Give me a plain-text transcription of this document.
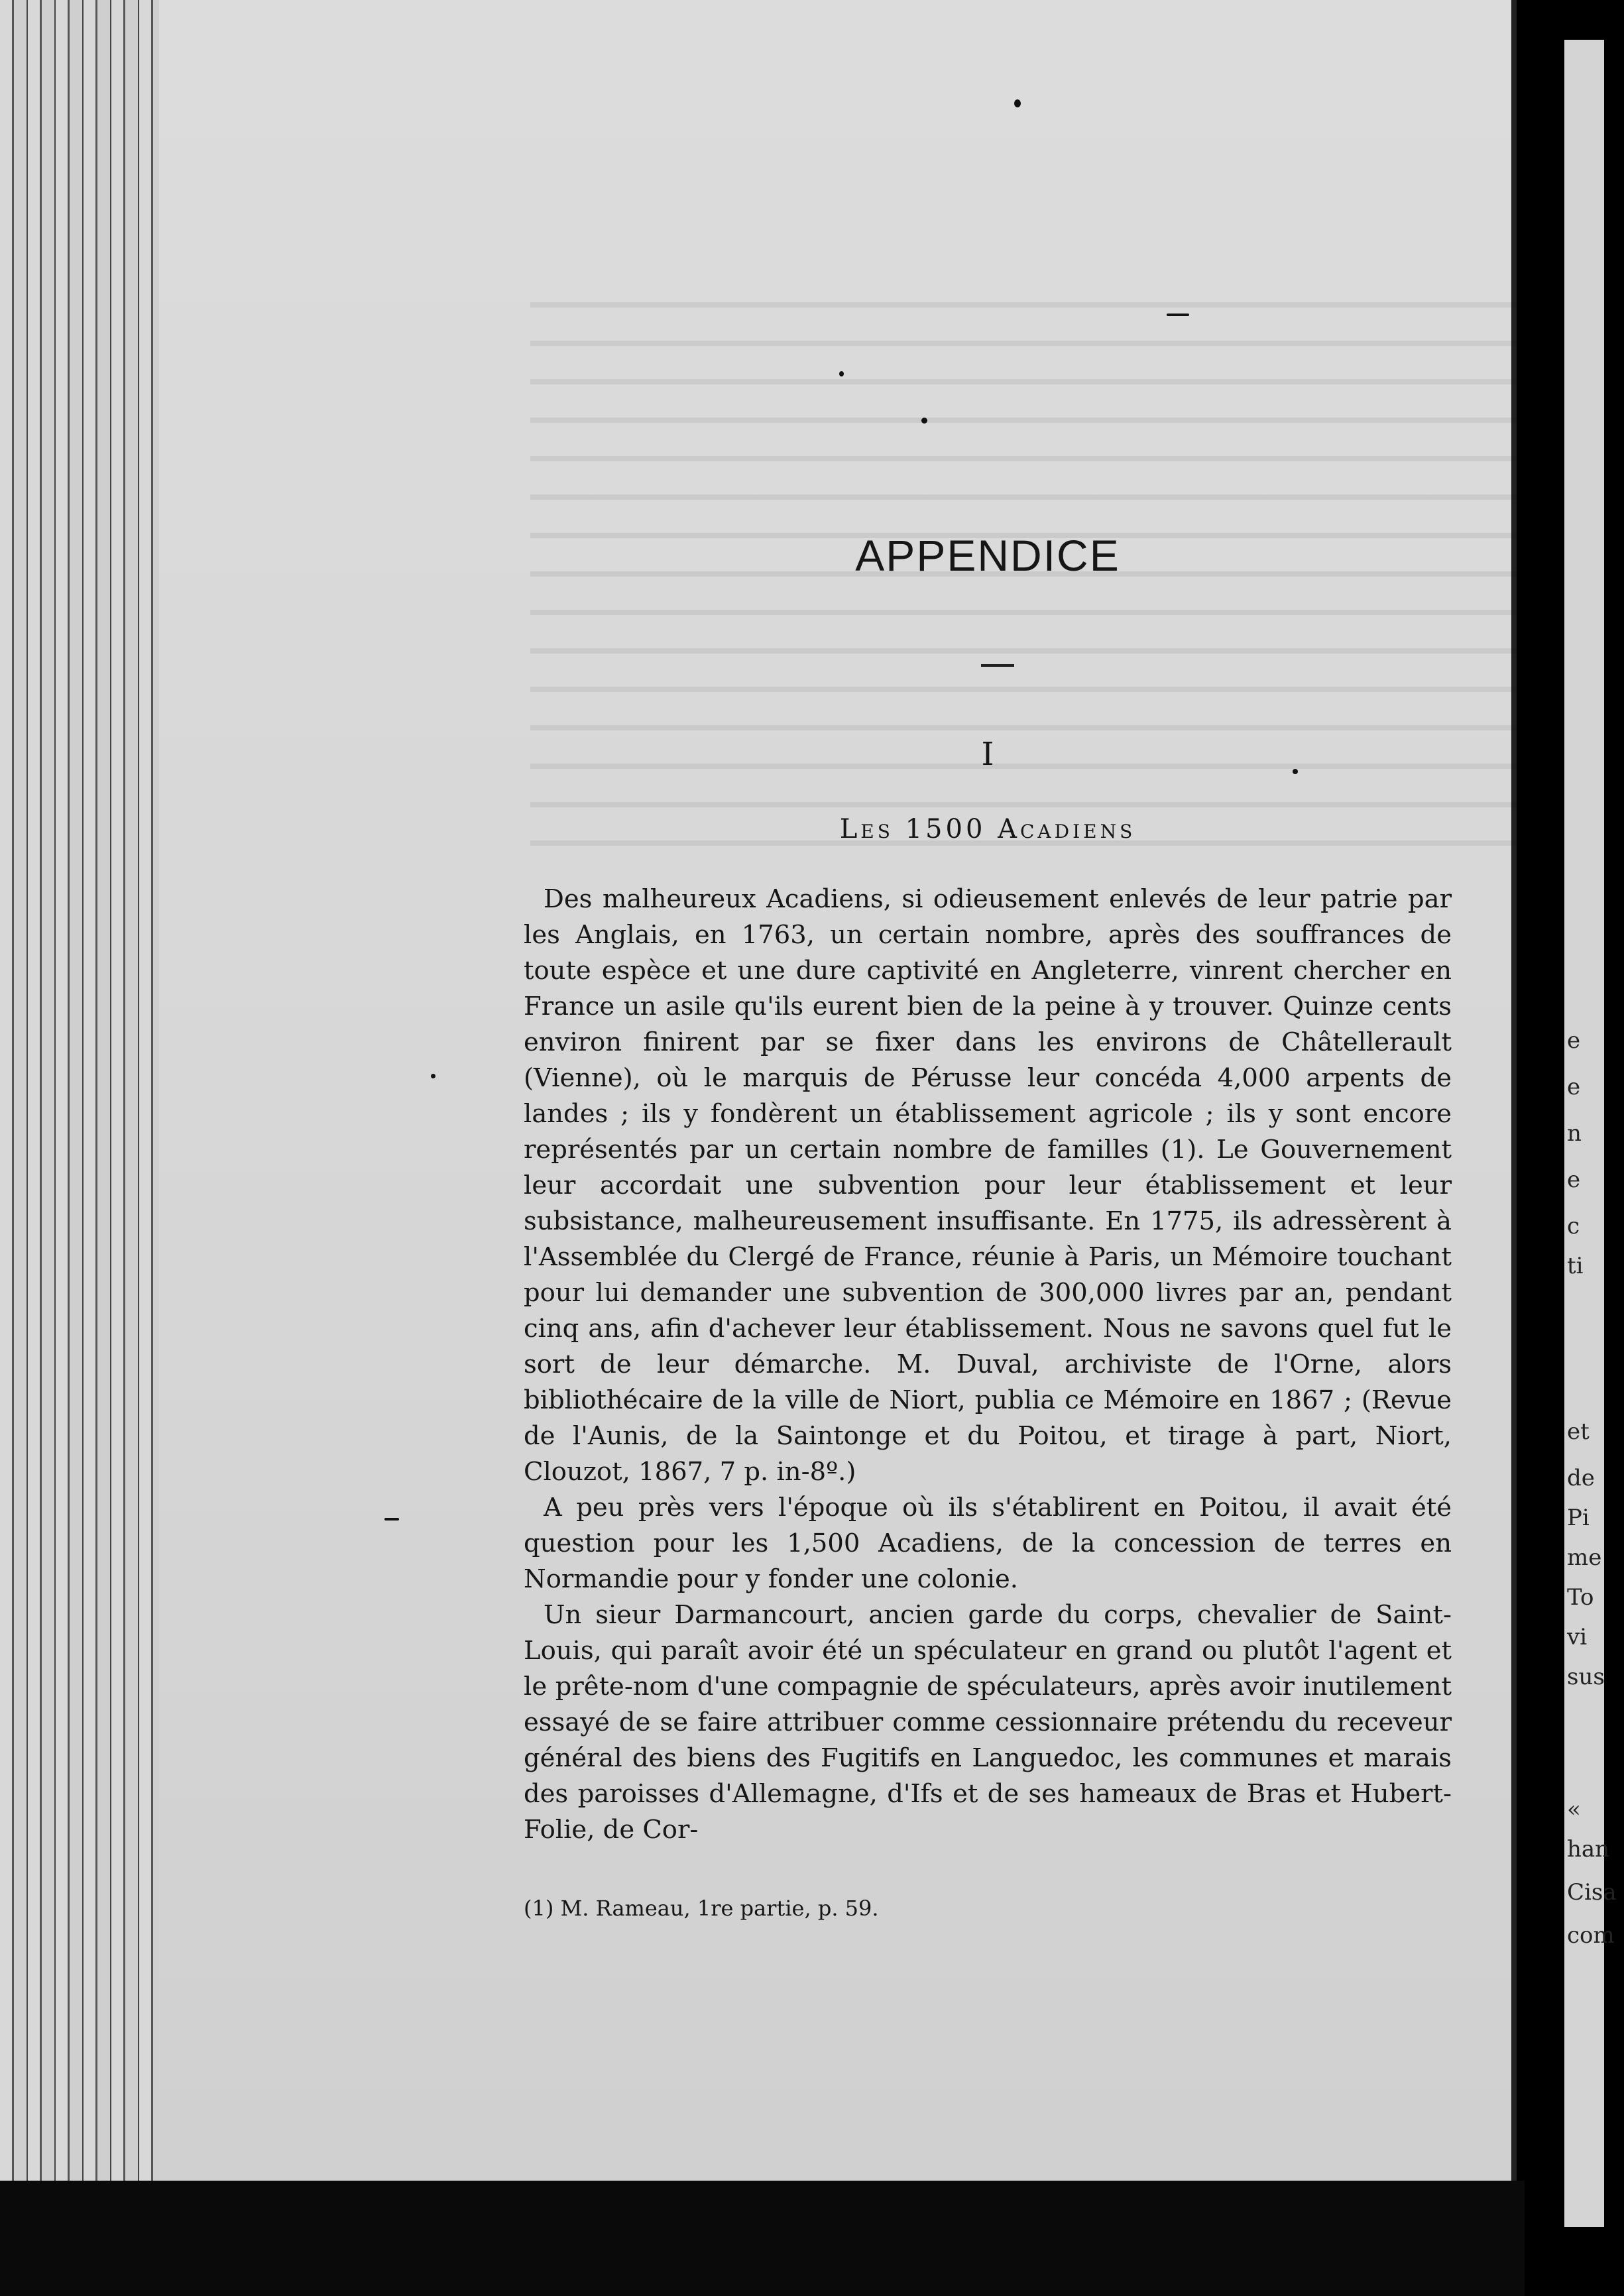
APPENDICE
I
Les 1500 Acadiens

Des malheureux Acadiens, si odieusement enlevés de leur patrie par les Anglais, en 1763, un certain nombre, après des souffrances de toute espèce et une dure captivité en Angleterre, vinrent chercher en France un asile qu'ils eurent bien de la peine à y trouver. Quinze cents environ finirent par se fixer dans les environs de Châtellerault (Vienne), où le marquis de Pérusse leur concéda 4,000 arpents de landes ; ils y fondèrent un établissement agricole ; ils y sont encore représentés par un certain nombre de familles (1). Le Gouvernement leur accordait une subvention pour leur établissement et leur subsistance, malheureusement insuffisante. En 1775, ils adressèrent à l'Assemblée du Clergé de France, réunie à Paris, un Mémoire touchant pour lui demander une subvention de 300,000 livres par an, pendant cinq ans, afin d'achever leur établissement. Nous ne savons quel fut le sort de leur démarche. M. Duval, archiviste de l'Orne, alors bibliothécaire de la ville de Niort, publia ce Mémoire en 1867 ; (Revue de l'Aunis, de la Saintonge et du Poitou, et tirage à part, Niort, Clouzot, 1867, 7 p. in-8º.)

A peu près vers l'époque où ils s'établirent en Poitou, il avait été question pour les 1,500 Acadiens, de la concession de terres en Normandie pour y fonder une colonie.

Un sieur Darmancourt, ancien garde du corps, chevalier de Saint-Louis, qui paraît avoir été un spéculateur en grand ou plutôt l'agent et le prête-nom d'une compagnie de spéculateurs, après avoir inutilement essayé de se faire attribuer comme cessionnaire prétendu du receveur général des biens des Fugitifs en Languedoc, les communes et marais des paroisses d'Allemagne, d'Ifs et de ses hameaux de Bras et Hubert-Folie, de Cor-

(1) M. Rameau, 1re partie, p. 59.
e
e
n
e
c
ti
et
de
Pi
me
To
vi
sus
«
han
Cisa
com
